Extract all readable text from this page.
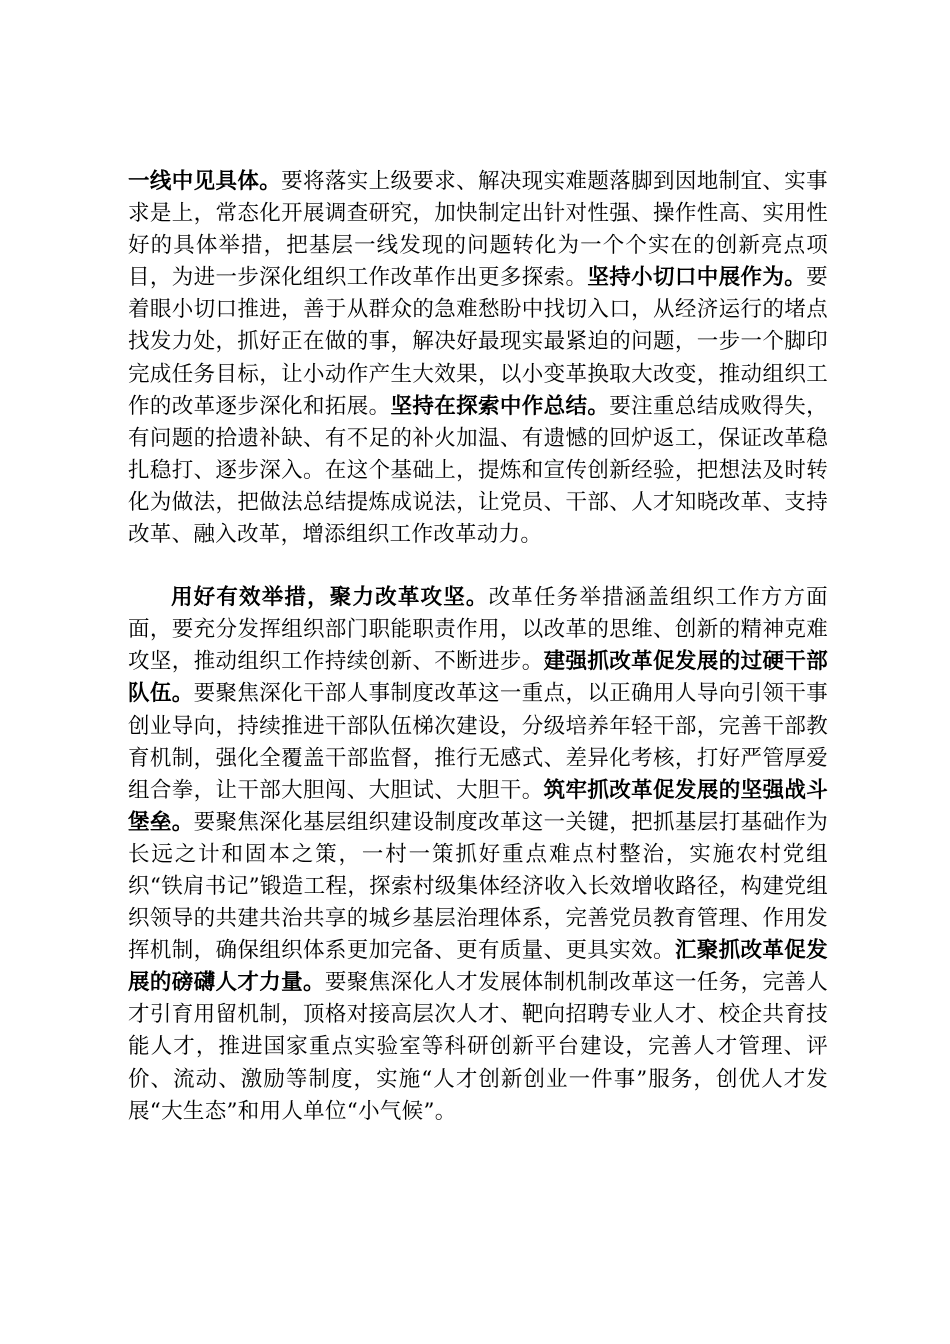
一线中见具体。要将落实上级要求、解决现实难题落脚到因地制宜、实事求是上，常态化开展调查研究，加快制定出针对性强、操作性高、实用性好的具体举措，把基层一线发现的问题转化为一个个实在的创新亮点项目，为进一步深化组织工作改革作出更多探索。坚持小切口中展作为。要着眼小切口推进，善于从群众的急难愁盼中找切入口，从经济运行的堵点找发力处，抓好正在做的事，解决好最现实最紧迫的问题，一步一个脚印完成任务目标，让小动作产生大效果，以小变革换取大改变，推动组织工作的改革逐步深化和拓展。坚持在探索中作总结。要注重总结成败得失，有问题的拾遗补缺、有不足的补火加温、有遗憾的回炉返工，保证改革稳扎稳打、逐步深入。在这个基础上，提炼和宣传创新经验，把想法及时转化为做法，把做法总结提炼成说法，让党员、干部、人才知晓改革、支持改革、融入改革，增添组织工作改革动力。

用好有效举措，聚力改革攻坚。改革任务举措涵盖组织工作方方面面，要充分发挥组织部门职能职责作用，以改革的思维、创新的精神克难攻坚，推动组织工作持续创新、不断进步。建强抓改革促发展的过硬干部队伍。要聚焦深化干部人事制度改革这一重点，以正确用人导向引领干事创业导向，持续推进干部队伍梯次建设，分级培养年轻干部，完善干部教育机制，强化全覆盖干部监督，推行无感式、差异化考核，打好严管厚爱组合拳，让干部大胆闯、大胆试、大胆干。筑牢抓改革促发展的坚强战斗堡垒。要聚焦深化基层组织建设制度改革这一关键，把抓基层打基础作为长远之计和固本之策，一村一策抓好重点难点村整治，实施农村党组织“铁肩书记”锻造工程，探索村级集体经济收入长效增收路径，构建党组织领导的共建共治共享的城乡基层治理体系，完善党员教育管理、作用发挥机制，确保组织体系更加完备、更有质量、更具实效。汇聚抓改革促发展的磅礴人才力量。要聚焦深化人才发展体制机制改革这一任务，完善人才引育用留机制，顶格对接高层次人才、靶向招聘专业人才、校企共育技能人才，推进国家重点实验室等科研创新平台建设，完善人才管理、评价、流动、激励等制度，实施“人才创新创业一件事”服务，创优人才发展“大生态”和用人单位“小气候”。
